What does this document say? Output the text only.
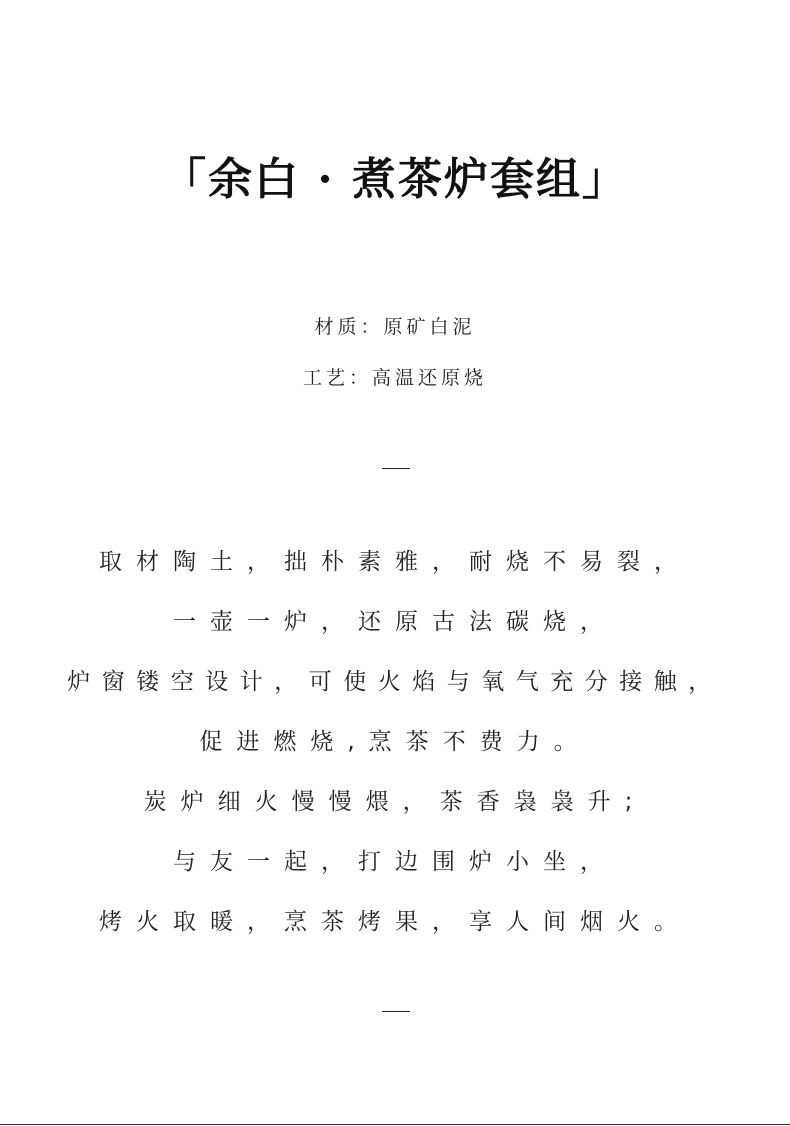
「余白 · 煮茶炉套组」
材质：原矿白泥
工艺：高温还原烧
取材陶土，拙朴素雅，耐烧不易裂，
一壶一炉，还原古法碳烧，
炉窗镂空设计，可使火焰与氧气充分接触，
促进燃烧,烹茶不费力。
炭炉细火慢慢煨，茶香袅袅升;
与友一起，打边围炉小坐，
烤火取暖，烹茶烤果，享人间烟火。
